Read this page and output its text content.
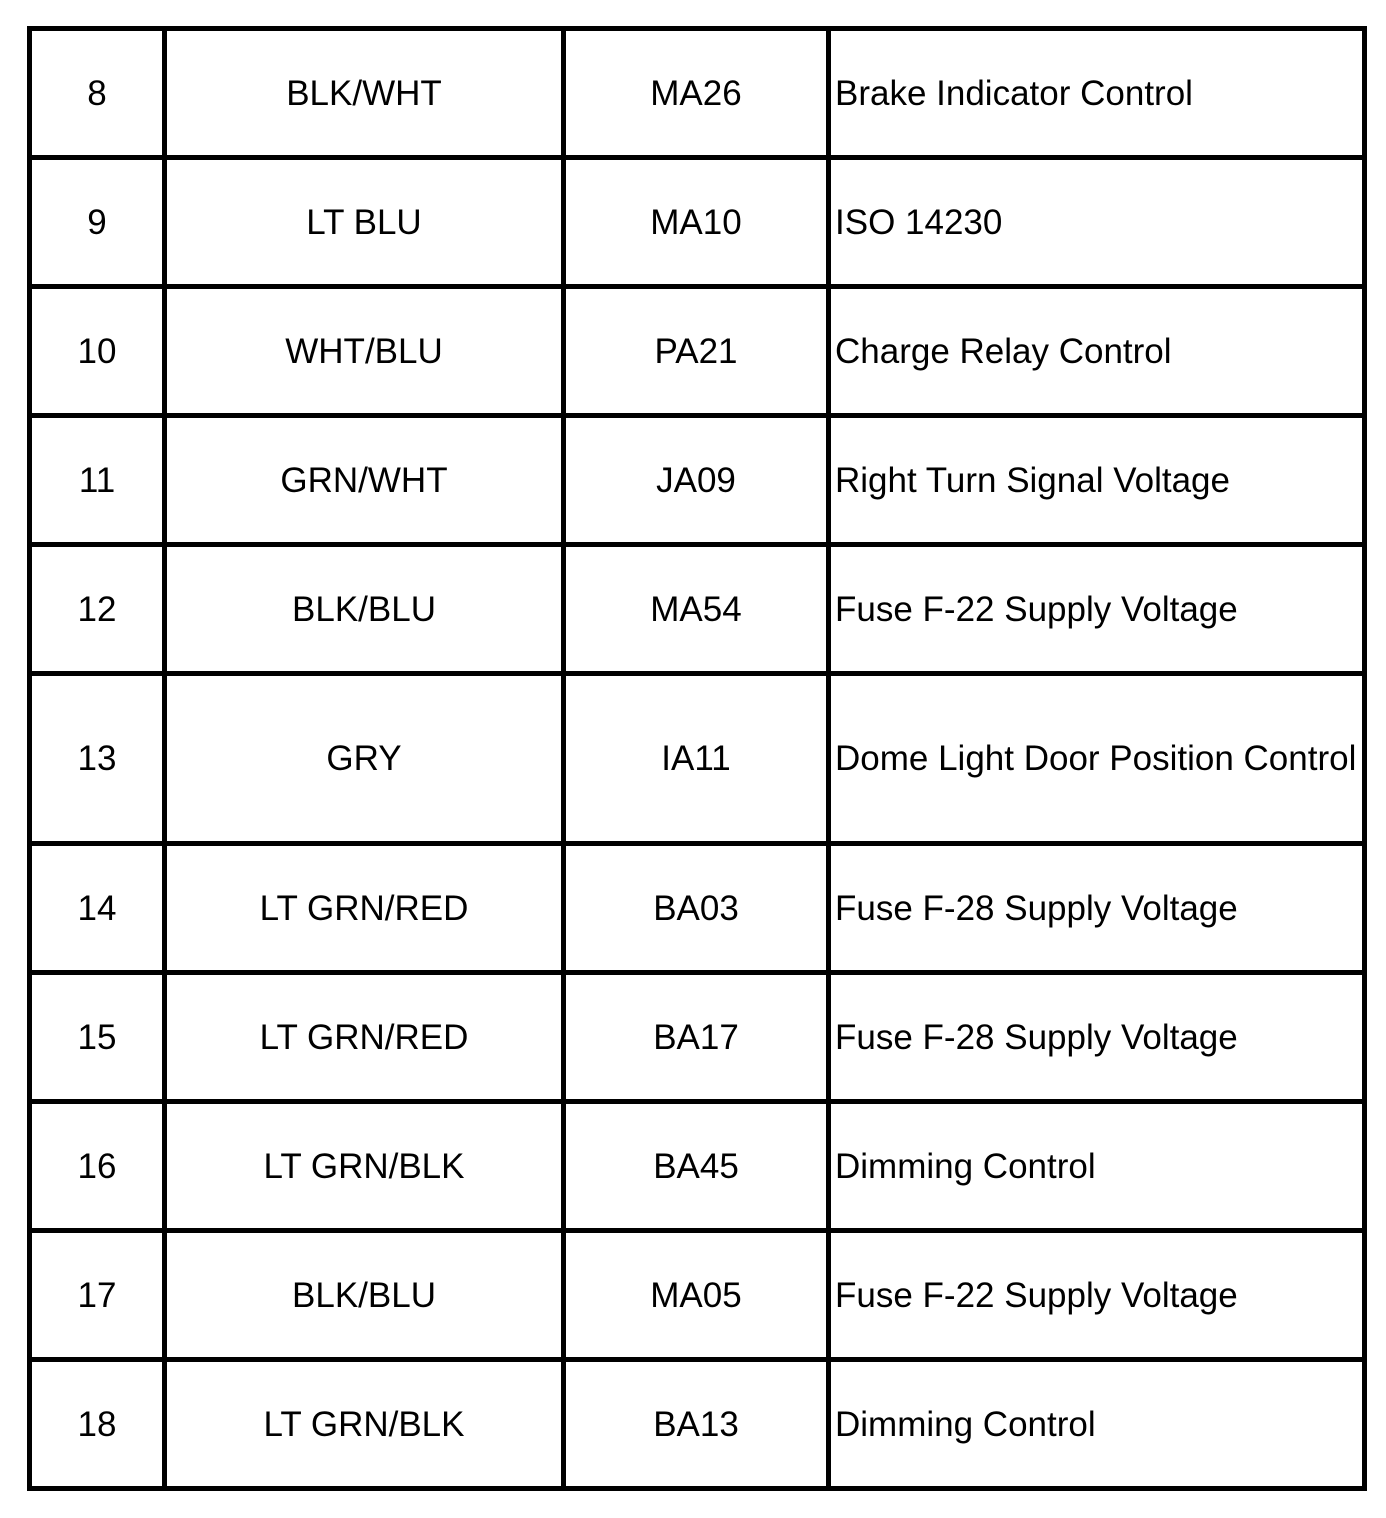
8	BLK/WHT	MA26	Brake Indicator Control
9	LT BLU	MA10	ISO 14230
10	WHT/BLU	PA21	Charge Relay Control
11	GRN/WHT	JA09	Right Turn Signal Voltage
12	BLK/BLU	MA54	Fuse F-22 Supply Voltage
13	GRY	IA11	Dome Light Door Position Control
14	LT GRN/RED	BA03	Fuse F-28 Supply Voltage
15	LT GRN/RED	BA17	Fuse F-28 Supply Voltage
16	LT GRN/BLK	BA45	Dimming Control
17	BLK/BLU	MA05	Fuse F-22 Supply Voltage
18	LT GRN/BLK	BA13	Dimming Control
